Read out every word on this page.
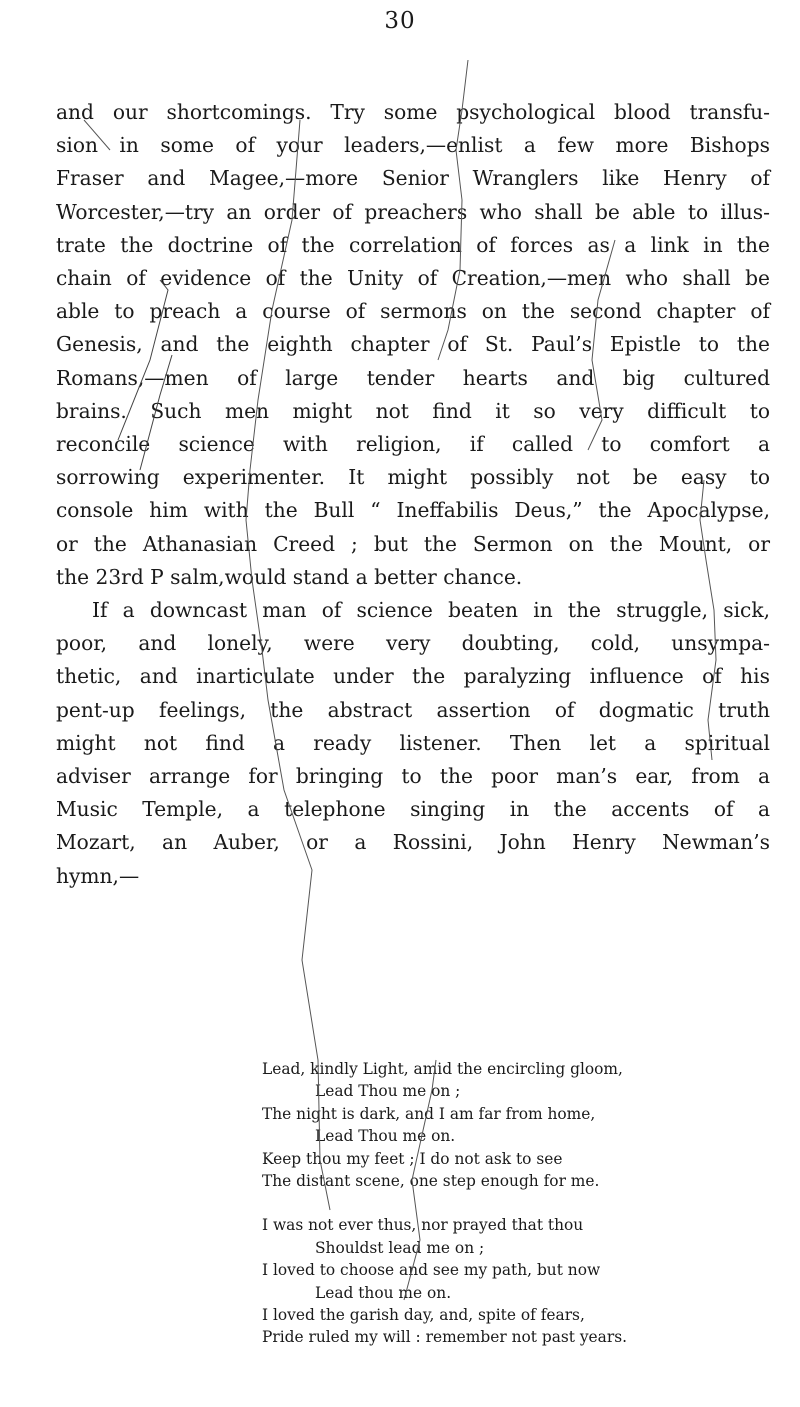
30

and our shortcomings. Try some psychological blood transfu-
sion in some of your leaders,—enlist a few more Bishops
Fraser and Magee,—more Senior Wranglers like Henry of
Worcester,—try an order of preachers who shall be able to illus-
trate the doctrine of the correlation of forces as a link in the
chain of evidence of the Unity of Creation,—men who shall be
able to preach a course of sermons on the second chapter of
Genesis, and the eighth chapter of St. Paul’s Epistle to the
Romans,—men of large tender hearts and big cultured
brains. Such men might not find it so very difficult to
reconcile science with religion, if called to comfort a
sorrowing experimenter. It might possibly not be easy to
console him with the Bull “ Ineffabilis Deus,” the Apocalypse,
or the Athanasian Creed ; but the Sermon on the Mount, or
the 23rd P salm,would stand a better chance.

If a downcast man of science beaten in the struggle, sick,
poor, and lonely, were very doubting, cold, unsympa-
thetic, and inarticulate under the paralyzing influence of his
pent-up feelings, the abstract assertion of dogmatic truth
might not find a ready listener. Then let a spiritual
adviser arrange for bringing to the poor man’s ear, from a
Music Temple, a telephone singing in the accents of a
Mozart, an Auber, or a Rossini, John Henry Newman’s
hymn,—

Lead, kindly Light, amid the encircling gloom,
Lead Thou me on ;
The night is dark, and I am far from home,
Lead Thou me on.
Keep thou my feet ; I do not ask to see
The distant scene, one step enough for me.
I was not ever thus, nor prayed that thou
Shouldst lead me on ;
I loved to choose and see my path, but now
Lead thou me on.
I loved the garish day, and, spite of fears,
Pride ruled my will : remember not past years.
